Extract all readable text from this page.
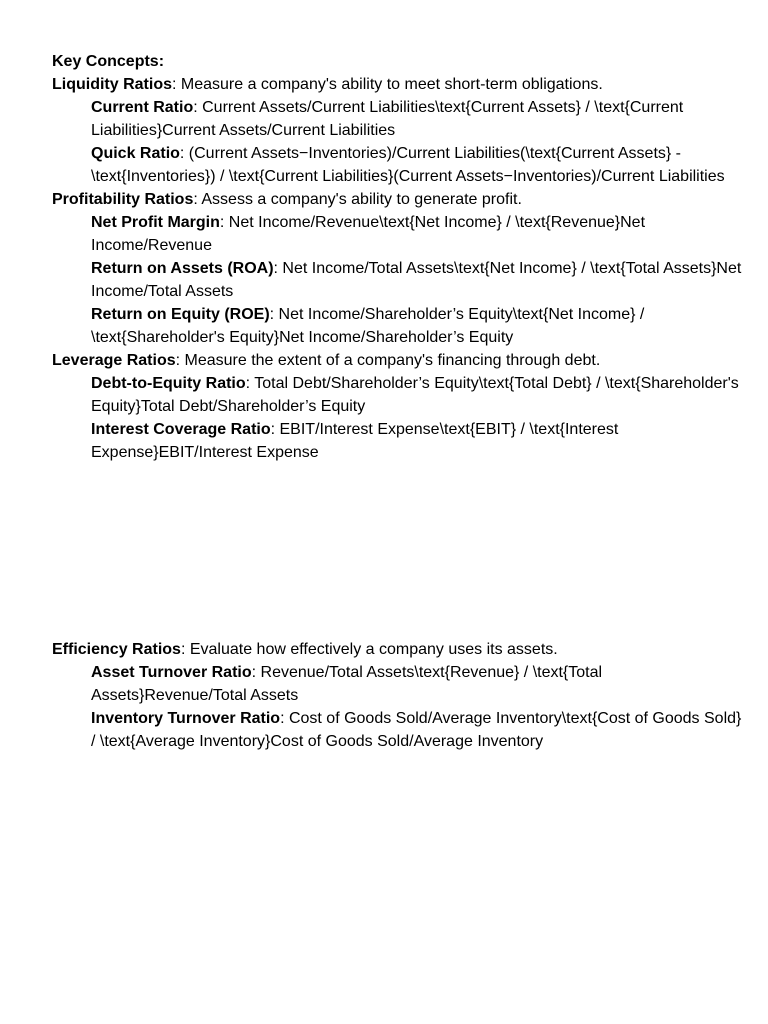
Key Concepts:

Liquidity Ratios: Measure a company's ability to meet short-term obligations.

Current Ratio: Current Assets/Current Liabilities\text{Current Assets} / \text{Current Liabilities}Current Assets/Current Liabilities

Quick Ratio: (Current Assets−Inventories)/Current Liabilities(\text{Current Assets} - \text{Inventories}) / \text{Current Liabilities}(Current Assets−Inventories)/Current Liabilities

Profitability Ratios: Assess a company's ability to generate profit.

Net Profit Margin: Net Income/Revenue\text{Net Income} / \text{Revenue}Net Income/Revenue

Return on Assets (ROA): Net Income/Total Assets\text{Net Income} / \text{Total Assets}Net Income/Total Assets

Return on Equity (ROE): Net Income/Shareholder’s Equity\text{Net Income} / \text{Shareholder's Equity}Net Income/Shareholder’s Equity

Leverage Ratios: Measure the extent of a company's financing through debt.

Debt-to-Equity Ratio: Total Debt/Shareholder’s Equity\text{Total Debt} / \text{Shareholder's Equity}Total Debt/Shareholder’s Equity

Interest Coverage Ratio: EBIT/Interest Expense\text{EBIT} / \text{Interest Expense}EBIT/Interest Expense

Efficiency Ratios: Evaluate how effectively a company uses its assets.

Asset Turnover Ratio: Revenue/Total Assets\text{Revenue} / \text{Total Assets}Revenue/Total Assets

Inventory Turnover Ratio: Cost of Goods Sold/Average Inventory\text{Cost of Goods Sold} / \text{Average Inventory}Cost of Goods Sold/Average Inventory
